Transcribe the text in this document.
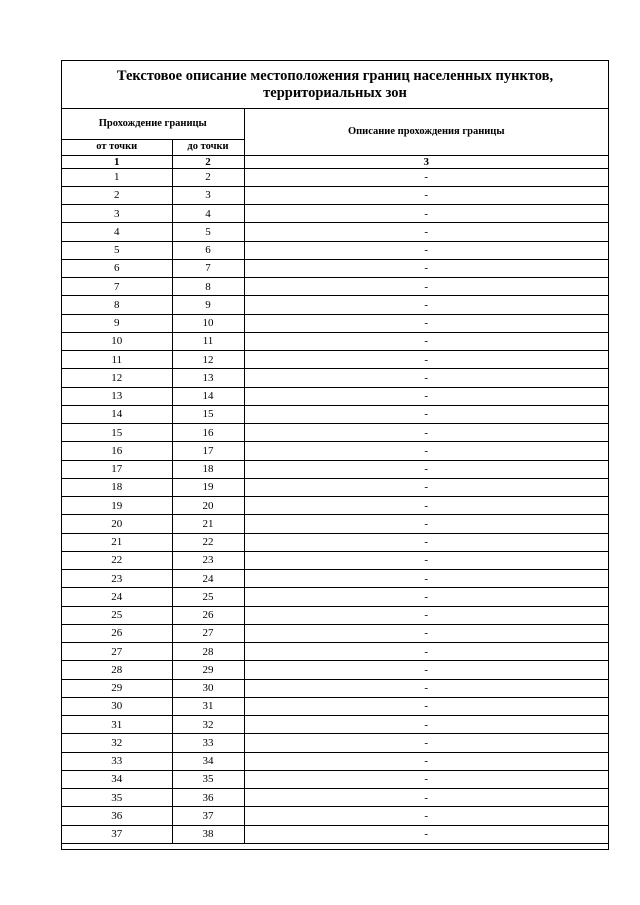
Текстовое описание местоположения границ населенных пунктов, территориальных зон
Прохождение границы		Описание прохождения границы
от точки	до точки	
1	2	3
1	2	-
2	3	-
3	4	-
4	5	-
5	6	-
6	7	-
7	8	-
8	9	-
9	10	-
10	11	-
11	12	-
12	13	-
13	14	-
14	15	-
15	16	-
16	17	-
17	18	-
18	19	-
19	20	-
20	21	-
21	22	-
22	23	-
23	24	-
24	25	-
25	26	-
26	27	-
27	28	-
28	29	-
29	30	-
30	31	-
31	32	-
32	33	-
33	34	-
34	35	-
35	36	-
36	37	-
37	38	-
